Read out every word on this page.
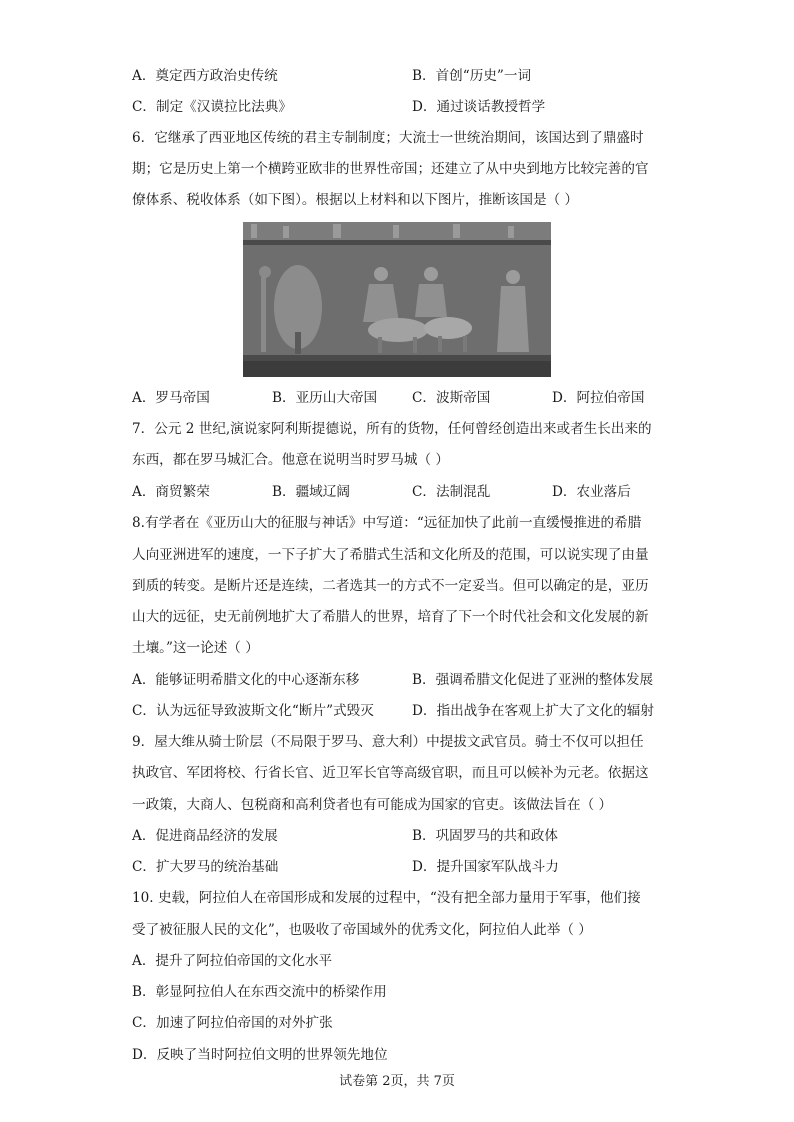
A．奠定西方政治史传统	B．首创“历史”一词
C．制定《汉谟拉比法典》	D．通过谈话教授哲学
6．它继承了西亚地区传统的君主专制制度；大流士一世统治期间，该国达到了鼎盛时
期；它是历史上第一个横跨亚欧非的世界性帝国；还建立了从中央到地方比较完善的官
僚体系、税收体系（如下图）。根据以上材料和以下图片，推断该国是（ ）
A．罗马帝国	B．亚历山大帝国	C．波斯帝国	D．阿拉伯帝国
7．公元 2 世纪,演说家阿利斯提德说，所有的货物，任何曾经创造出来或者生长出来的
东西，都在罗马城汇合。他意在说明当时罗马城（ ）
A．商贸繁荣	B．疆域辽阔	C．法制混乱	D．农业落后
8.有学者在《亚历山大的征服与神话》中写道：“远征加快了此前一直缓慢推进的希腊
人向亚洲进军的速度，一下子扩大了希腊式生活和文化所及的范围，可以说实现了由量
到质的转变。是断片还是连续，二者选其一的方式不一定妥当。但可以确定的是，亚历
山大的远征，史无前例地扩大了希腊人的世界，培育了下一个时代社会和文化发展的新
土壤。”这一论述（ ）
A．能够证明希腊文化的中心逐渐东移	B．强调希腊文化促进了亚洲的整体发展
C．认为远征导致波斯文化“断片”式毁灭	D．指出战争在客观上扩大了文化的辐射
9．屋大维从骑士阶层（不局限于罗马、意大利）中提拔文武官员。骑士不仅可以担任
执政官、军团将校、行省长官、近卫军长官等高级官职，而且可以候补为元老。依据这
一政策，大商人、包税商和高利贷者也有可能成为国家的官吏。该做法旨在（ ）
A．促进商品经济的发展	B．巩固罗马的共和政体
C．扩大罗马的统治基础	D．提升国家军队战斗力
10. 史载，阿拉伯人在帝国形成和发展的过程中，“没有把全部力量用于军事，他们接
受了被征服人民的文化”，也吸收了帝国域外的优秀文化，阿拉伯人此举（ ）
A．提升了阿拉伯帝国的文化水平
B．彰显阿拉伯人在东西交流中的桥梁作用
C．加速了阿拉伯帝国的对外扩张
D．反映了当时阿拉伯文明的世界领先地位
试卷第 2页，共 7页
